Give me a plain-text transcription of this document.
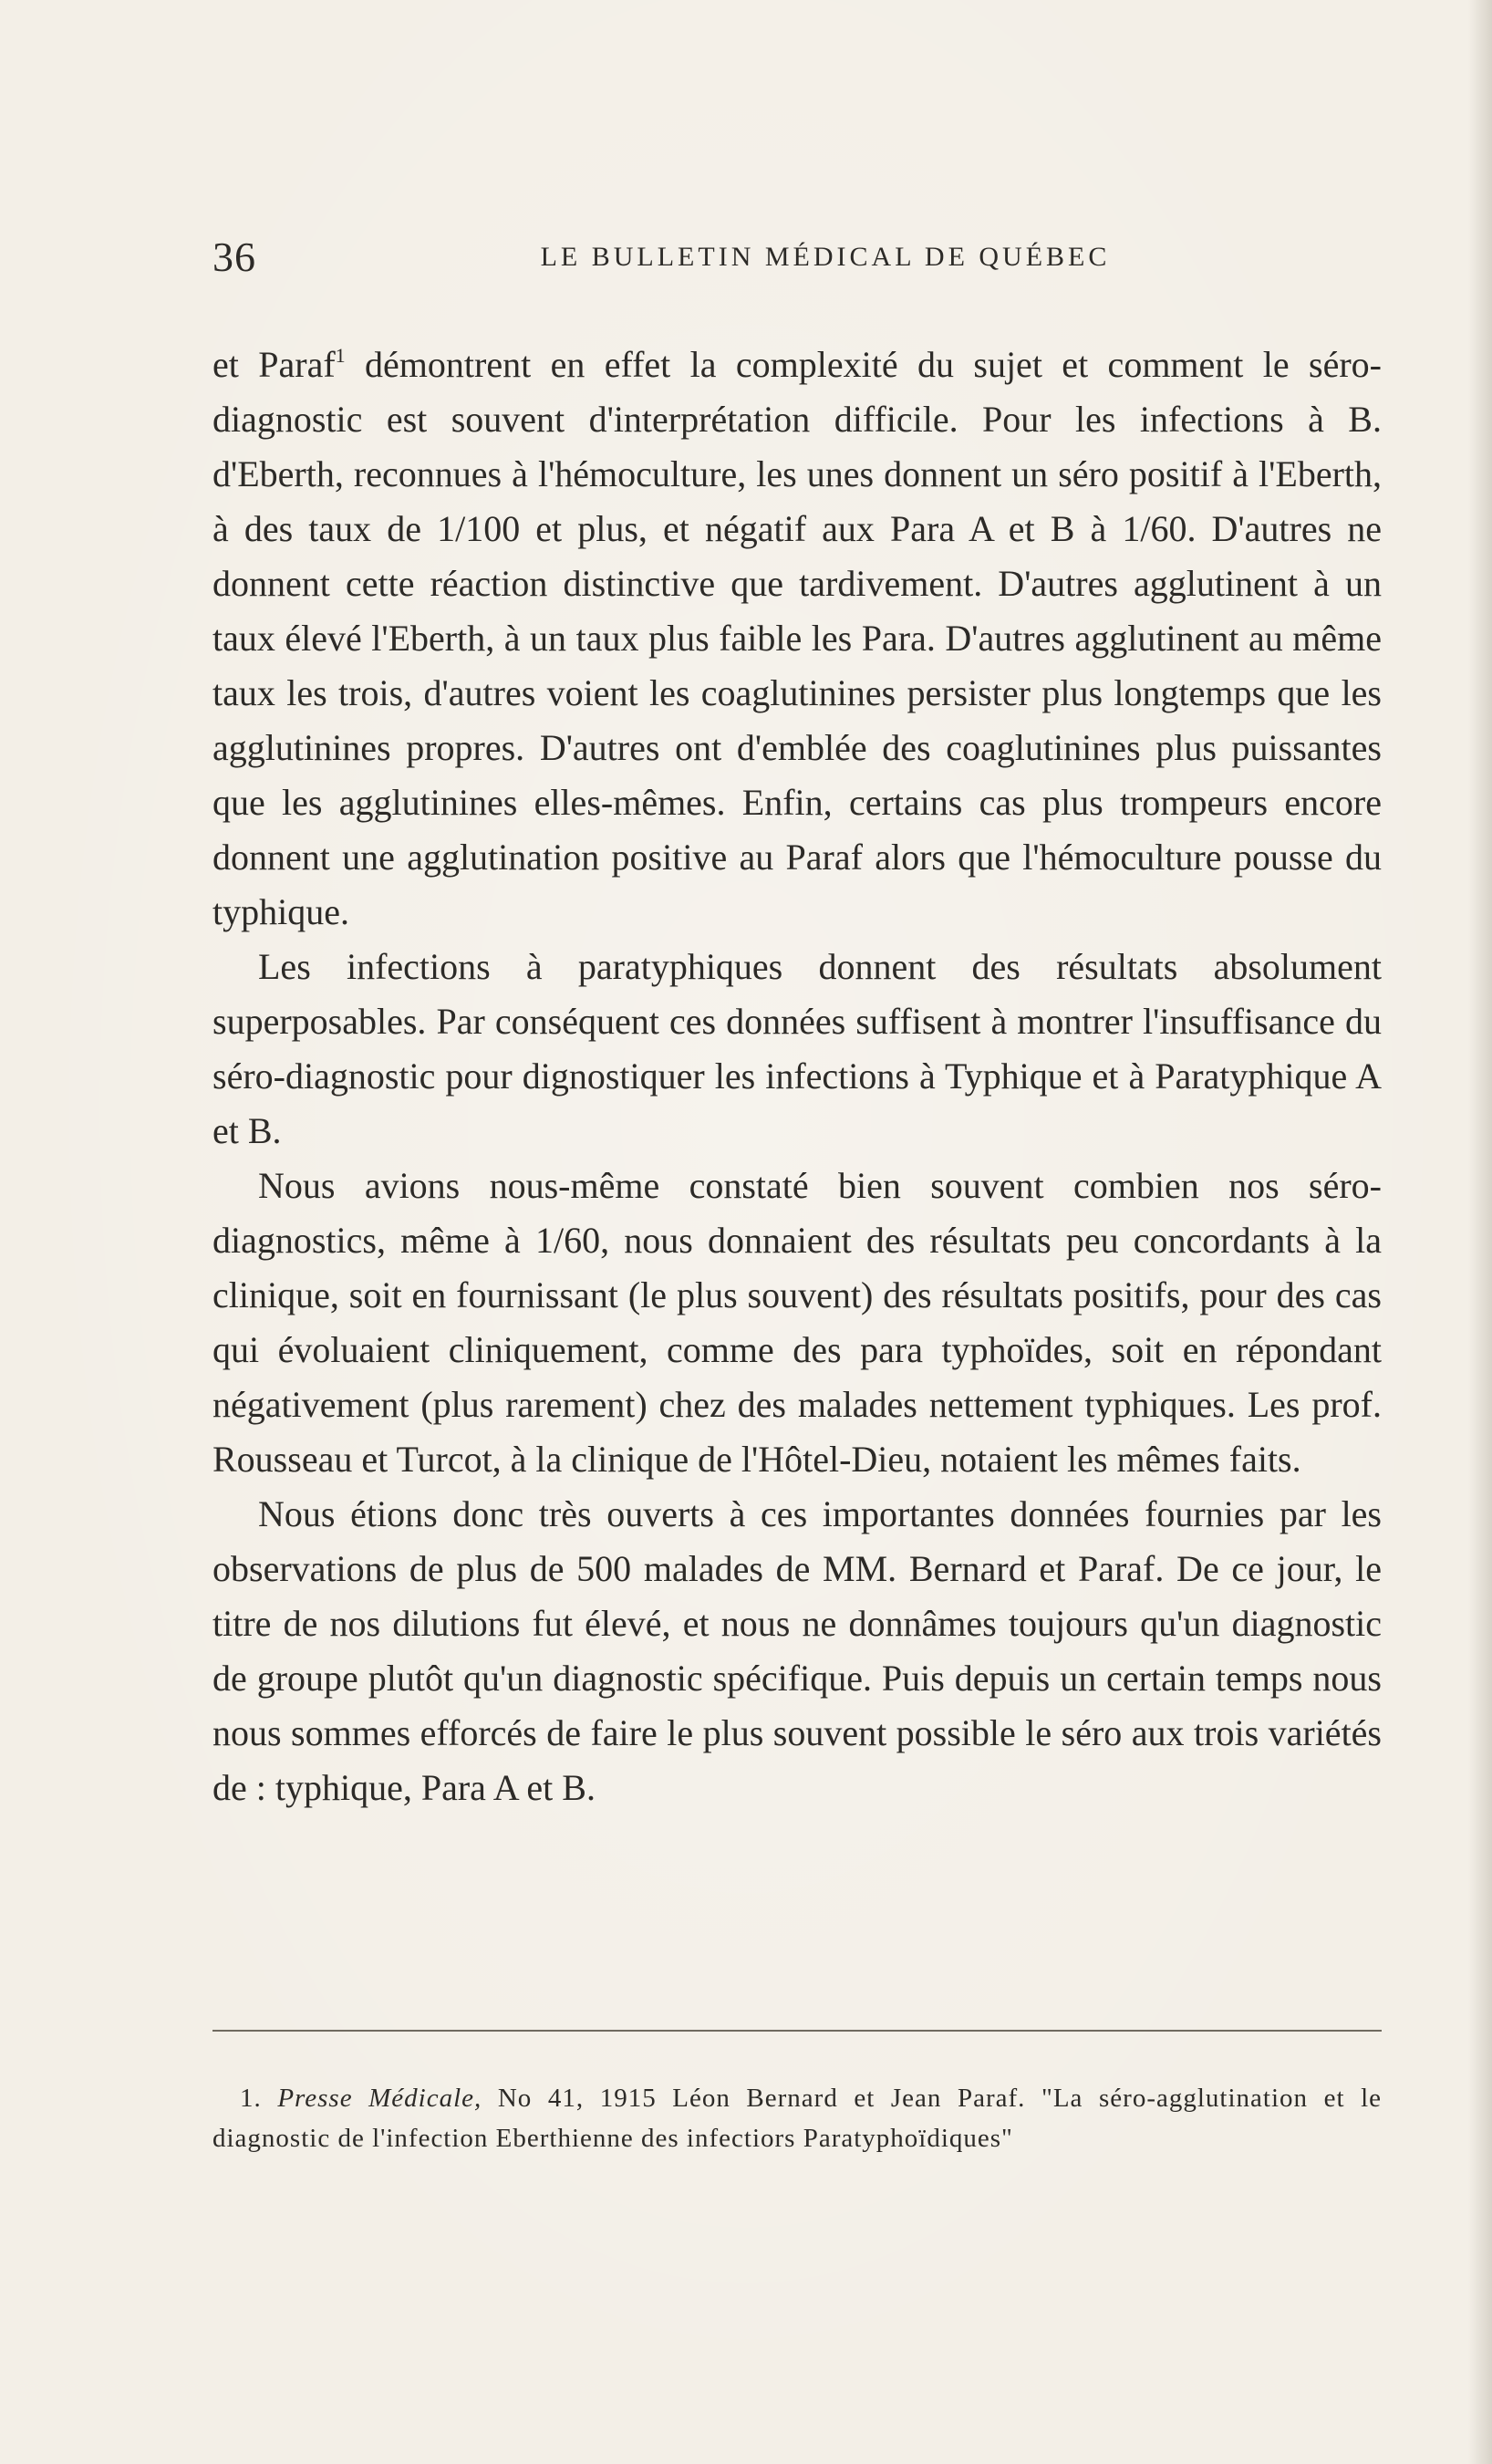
36	LE BULLETIN MÉDICAL DE QUÉBEC

et Paraf$^1$ démontrent en effet la complexité du sujet et comment le séro-diagnostic est souvent d'interprétation difficile. Pour les infections à B. d'Eberth, reconnues à l'hémoculture, les unes donnent un séro positif à l'Eberth, à des taux de 1/100 et plus, et négatif aux Para A et B à 1/60. D'autres ne donnent cette réaction distinctive que tardivement. D'autres agglutinent à un taux élevé l'Eberth, à un taux plus faible les Para. D'autres agglutinent au même taux les trois, d'autres voient les coaglutinines persister plus longtemps que les agglutinines propres. D'autres ont d'emblée des coaglutinines plus puissantes que les agglutinines elles-mêmes. Enfin, certains cas plus trompeurs encore donnent une agglutination positive au Paraf alors que l'hémoculture pousse du typhique.

Les infections à paratyphiques donnent des résultats absolument superposables. Par conséquent ces données suffisent à montrer l'insuffisance du séro-diagnostic pour dignostiquer les infections à Typhique et à Paratyphique A et B.

Nous avions nous-même constaté bien souvent combien nos séro-diagnostics, même à 1/60, nous donnaient des résultats peu concordants à la clinique, soit en fournissant (le plus souvent) des résultats positifs, pour des cas qui évoluaient cliniquement, comme des para typhoïdes, soit en répondant négativement (plus rarement) chez des malades nettement typhiques. Les prof. Rousseau et Turcot, à la clinique de l'Hôtel-Dieu, notaient les mêmes faits.

Nous étions donc très ouverts à ces importantes données fournies par les observations de plus de 500 malades de MM. Bernard et Paraf. De ce jour, le titre de nos dilutions fut élevé, et nous ne donnâmes toujours qu'un diagnostic de groupe plutôt qu'un diagnostic spécifique. Puis depuis un certain temps nous nous sommes efforcés de faire le plus souvent possible le séro aux trois variétés de : typhique, Para A et B.

1. Presse Médicale, No 41, 1915 Léon Bernard et Jean Paraf. "La séro-agglutination et le diagnostic de l'infection Eberthienne des infectiors Paratyphoïdiques"
